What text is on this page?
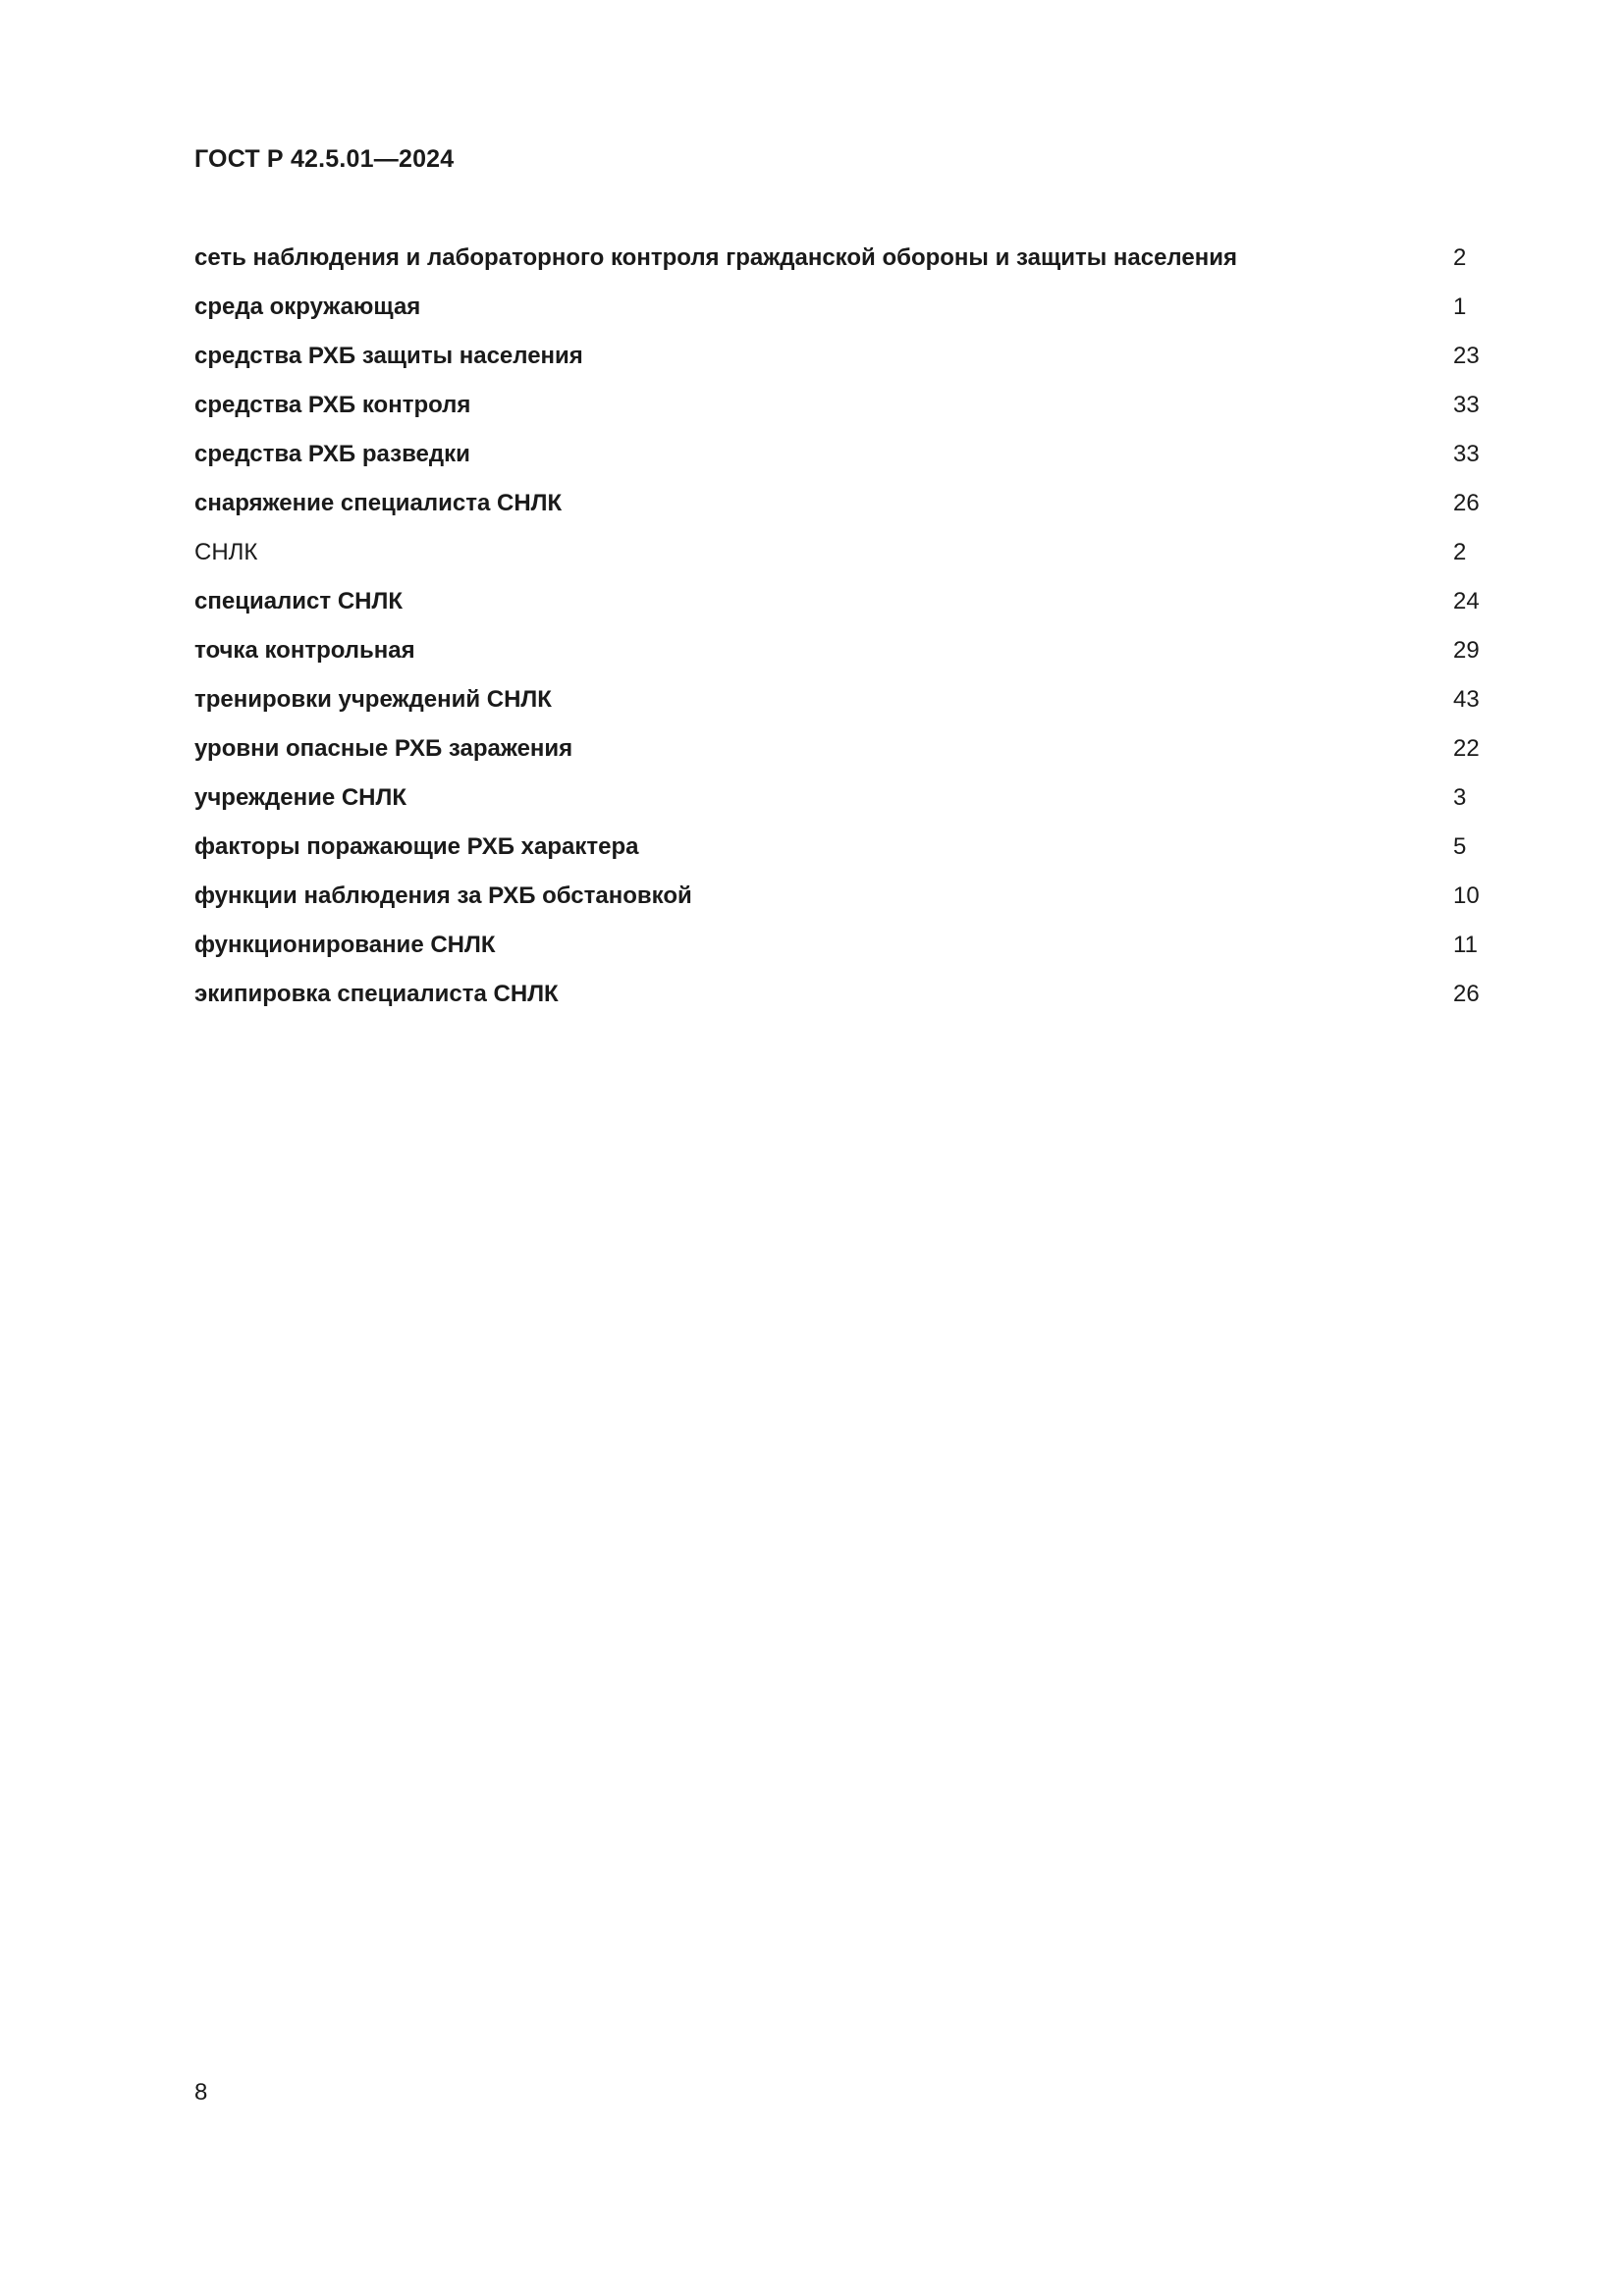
ГОСТ Р 42.5.01—2024
сеть наблюдения и лабораторного контроля гражданской обороны и защиты населения	2
среда окружающая	1
средства РХБ защиты населения	23
средства РХБ контроля	33
средства РХБ разведки	33
снаряжение специалиста СНЛК	26
СНЛК	2
специалист СНЛК	24
точка контрольная	29
тренировки учреждений СНЛК	43
уровни опасные РХБ заражения	22
учреждение СНЛК	3
факторы поражающие РХБ характера	5
функции наблюдения за РХБ обстановкой	10
функционирование СНЛК	11
экипировка специалиста СНЛК	26

8
